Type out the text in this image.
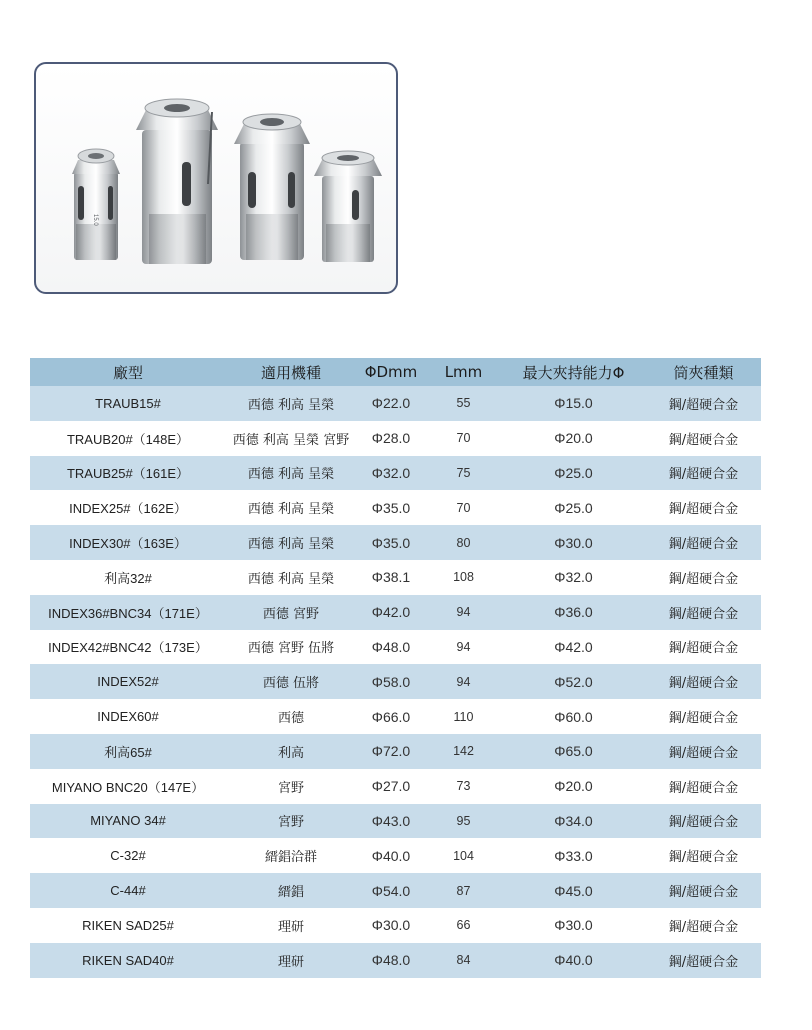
15.0
廠型	適用機種	ΦDmm	Lmm	最大夾持能力Φ	筒夾種類
TRAUB15#	西德 利高 呈榮	Φ22.0	55	Φ15.0	鋼/超硬合金
TRAUB20#（148E）	西德 利高 呈榮 宮野	Φ28.0	70	Φ20.0	鋼/超硬合金
TRAUB25#（161E）	西德 利高 呈榮	Φ32.0	75	Φ25.0	鋼/超硬合金
INDEX25#（162E）	西德 利高 呈榮	Φ35.0	70	Φ25.0	鋼/超硬合金
INDEX30#（163E）	西德 利高 呈榮	Φ35.0	80	Φ30.0	鋼/超硬合金
利高32#	西德 利高 呈榮	Φ38.1	108	Φ32.0	鋼/超硬合金
INDEX36#BNC34（171E）	西德 宮野	Φ42.0	94	Φ36.0	鋼/超硬合金
INDEX42#BNC42（173E）	西德 宮野 伍將	Φ48.0	94	Φ42.0	鋼/超硬合金
INDEX52#	西德 伍將	Φ58.0	94	Φ52.0	鋼/超硬合金
INDEX60#	西德	Φ66.0	110	Φ60.0	鋼/超硬合金
利高65#	利高	Φ72.0	142	Φ65.0	鋼/超硬合金
MIYANO BNC20（147E）	宮野	Φ27.0	73	Φ20.0	鋼/超硬合金
MIYANO 34#	宮野	Φ43.0	95	Φ34.0	鋼/超硬合金
C-32#	縉錩洽群	Φ40.0	104	Φ33.0	鋼/超硬合金
C-44#	縉錩	Φ54.0	87	Φ45.0	鋼/超硬合金
RIKEN SAD25#	理研	Φ30.0	66	Φ30.0	鋼/超硬合金
RIKEN SAD40#	理研	Φ48.0	84	Φ40.0	鋼/超硬合金
